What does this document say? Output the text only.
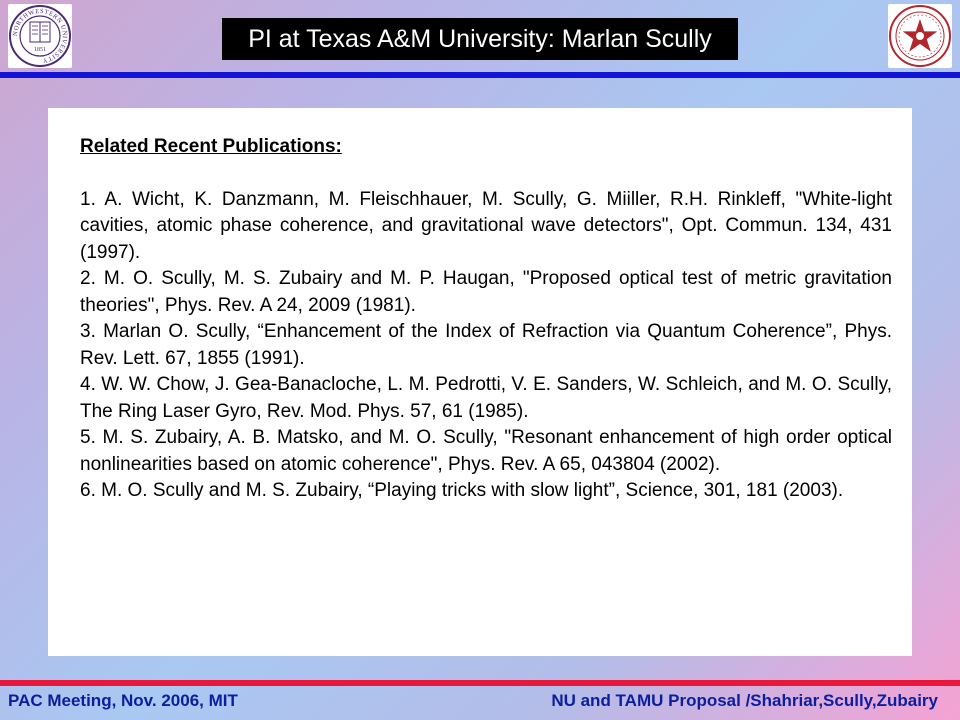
NORTHWESTERN UNIVERSITY
1851	PI at Texas A&M University: Marlan Scully

Related Recent Publications:

1. A. Wicht, K. Danzmann, M. Fleischhauer, M. Scully, G. Miiller, R.H. Rinkleff, "White-light cavities, atomic phase coherence, and gravitational wave detectors", Opt. Commun. 134, 431 (1997).

2. M. O. Scully, M. S. Zubairy and M. P. Haugan, "Proposed optical test of metric gravitation theories", Phys. Rev. A 24, 2009 (1981).

3. Marlan O. Scully, “Enhancement of the Index of Refraction via Quantum Coherence”, Phys. Rev. Lett. 67, 1855 (1991).

4. W. W. Chow, J. Gea-Banacloche, L. M. Pedrotti, V. E. Sanders, W. Schleich, and M. O. Scully, The Ring Laser Gyro, Rev. Mod. Phys. 57, 61 (1985).

5. M. S. Zubairy, A. B. Matsko, and M. O. Scully, "Resonant enhancement of high order optical nonlinearities based on atomic coherence", Phys. Rev. A 65, 043804 (2002).

6. M. O. Scully and M. S. Zubairy, “Playing tricks with slow light”, Science, 301, 181 (2003).

PAC Meeting, Nov. 2006, MIT	NU and TAMU Proposal /Shahriar,Scully,Zubairy
